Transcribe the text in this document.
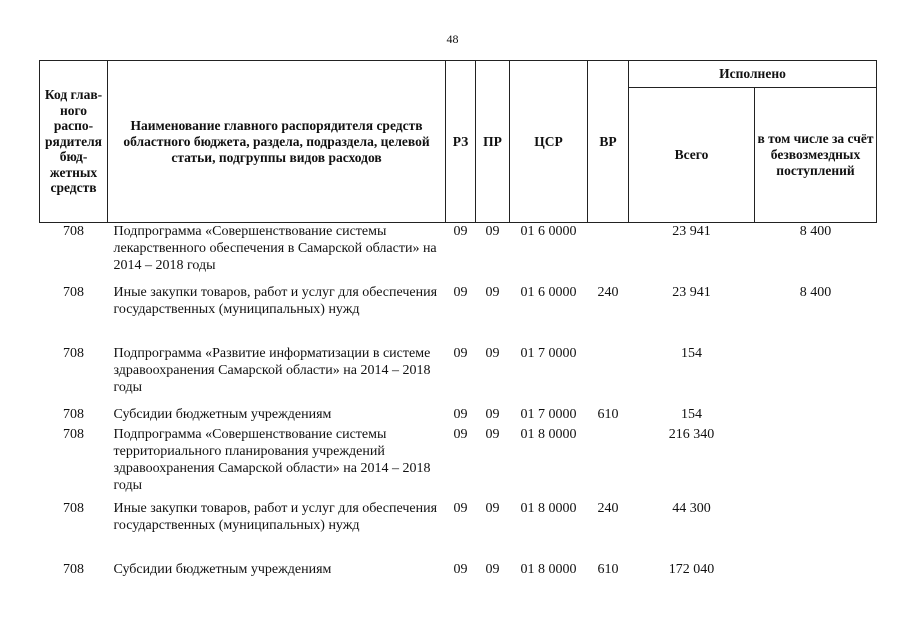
48
Код главного распорядителя бюджетных средств	Наименование главного распорядителя средств областного бюджета, раздела, подраздела, целевой статьи, подгруппы видов расходов	РЗ	ПР	ЦСР	ВР	Исполнено	
						Всего	в том числе за счёт безвозмездных поступлений
708	Подпрограмма «Совершенствование системы лекарственного обеспечения в Самарской области» на 2014 – 2018 годы	09	09	01 6 0000		23 941	8 400
708	Иные закупки товаров, работ и услуг для обеспечения государственных (муниципальных) нужд	09	09	01 6 0000	240	23 941	8 400
708	Подпрограмма «Развитие информатизации в системе здравоохранения Самарской области» на 2014 – 2018 годы	09	09	01 7 0000		154	
708	Субсидии бюджетным учреждениям	09	09	01 7 0000	610	154	
708	Подпрограмма «Совершенствование системы территориального планирования учреждений здравоохранения Самарской области» на 2014 – 2018 годы	09	09	01 8 0000		216 340	
708	Иные закупки товаров, работ и услуг для обеспечения государственных (муниципальных) нужд	09	09	01 8 0000	240	44 300	
708	Субсидии бюджетным учреждениям	09	09	01 8 0000	610	172 040	
